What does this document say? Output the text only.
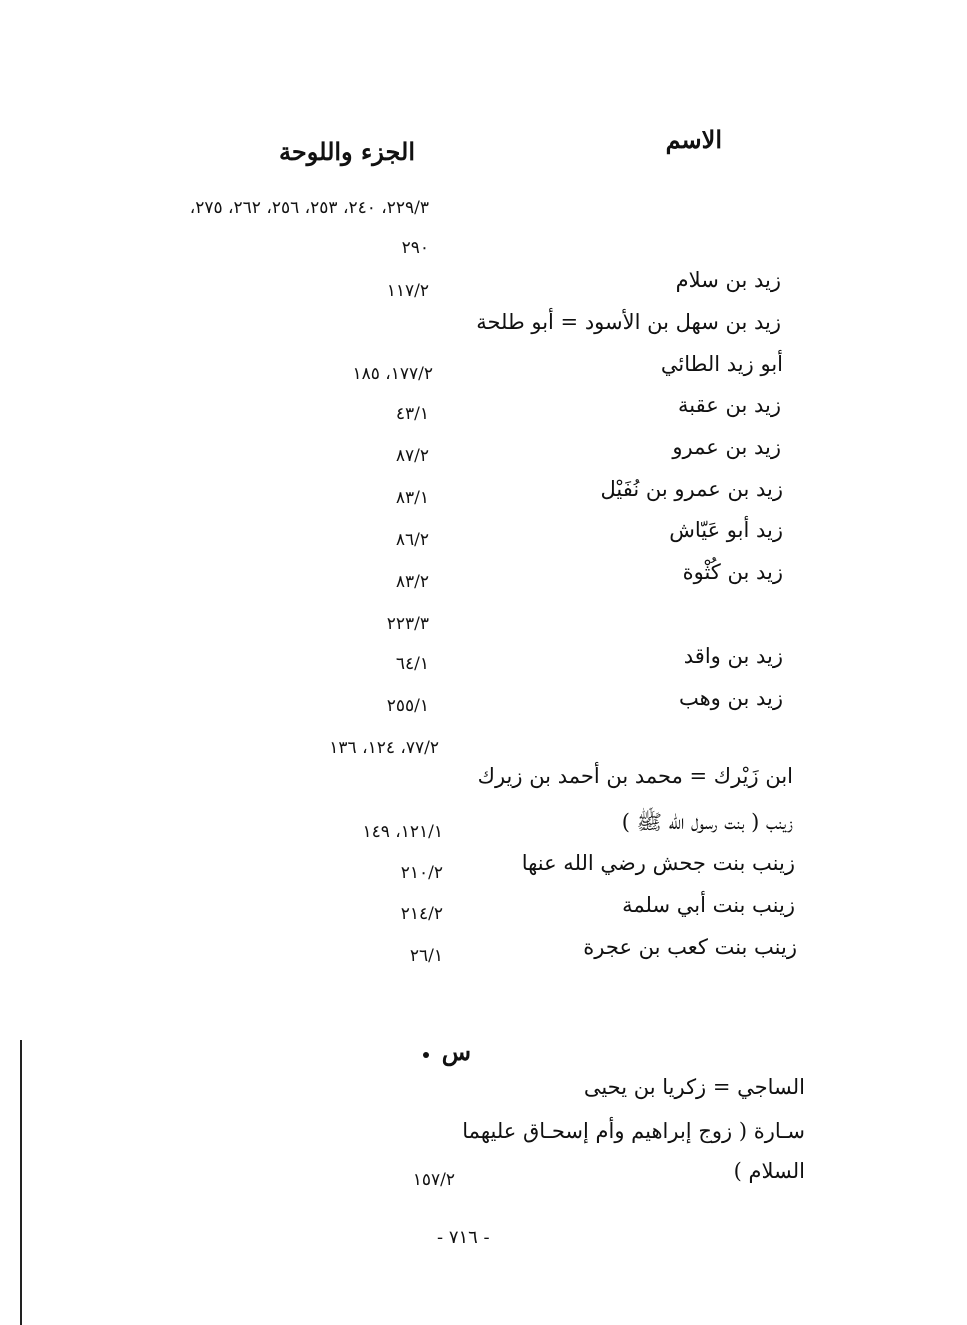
الاسم
الجزء واللوحة
٢٢٩/٣، ٢٤٠، ٢٥٣، ٢٥٦، ٢٦٢، ٢٧٥،
٢٩٠
زيد بن سلام
١١٧/٢
زيد بن سهل بن الأسود = أبو طلحة
أبو زيد الطائي
١٧٧/٢، ١٨٥
زيد بن عقبة
٤٣/١
زيد بن عمرو
٨٧/٢
زيد بن عمرو بن نُفَيْل
٨٣/١
زيد أبو عَيّاش
٨٦/٢
زيد بن كُثْوة
٨٣/٢
٢٢٣/٣
زيد بن واقد
٦٤/١
زيد بن وهب
٢٥٥/١
٧٧/٢، ١٢٤، ١٣٦
ابن زَيْرك = محمد بن أحمد بن زيرك
زينب ( بنت رسول الله ﷺ )
١٢١/١، ١٤٩
زينب بنت جحش رضي الله عنها
٢١٠/٢
زينب بنت أبي سلمة
٢١٤/٢
زينب بنت كعب بن عجرة
٢٦/١
س
الساجي = زكريا بن يحيى
سـارة ( زوج إبراهيم وأم إسحـاق عليهما
السلام )
١٥٧/٢
- ٧١٦ -
